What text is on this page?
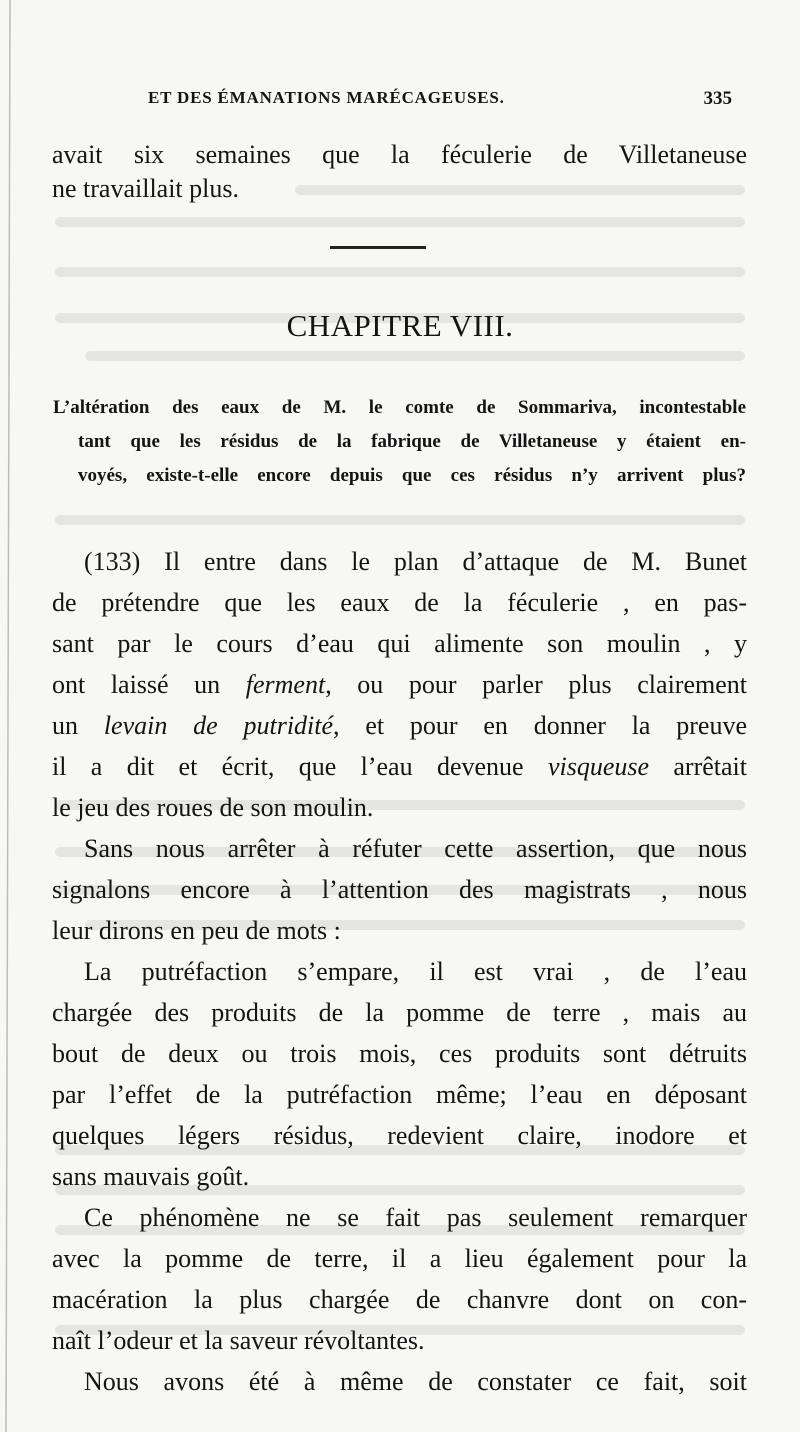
ET DES ÉMANATIONS MARÉCAGEUSES.	335
avait six semaines que la féculerie de Villetaneuse
ne travaillait plus.
CHAPITRE VIII.
L’altération des eaux de M. le comte de Sommariva, incontestable
tant que les résidus de la fabrique de Villetaneuse y étaient en-
voyés, existe-t-elle encore depuis que ces résidus n’y arrivent plus?
(133) Il entre dans le plan d’attaque de M. Bunet
de prétendre que les eaux de la féculerie , en pas-
sant par le cours d’eau qui alimente son moulin , y
ont laissé un ferment, ou pour parler plus clairement
un levain de putridité, et pour en donner la preuve
il a dit et écrit, que l’eau devenue visqueuse arrêtait
le jeu des roues de son moulin.
Sans nous arrêter à réfuter cette assertion, que nous
signalons encore à l’attention des magistrats , nous
leur dirons en peu de mots :
La putréfaction s’empare, il est vrai , de l’eau
chargée des produits de la pomme de terre , mais au
bout de deux ou trois mois, ces produits sont détruits
par l’effet de la putréfaction même; l’eau en déposant
quelques légers résidus, redevient claire, inodore et
sans mauvais goût.
Ce phénomène ne se fait pas seulement remarquer
avec la pomme de terre, il a lieu également pour la
macération la plus chargée de chanvre dont on con-
naît l’odeur et la saveur révoltantes.
Nous avons été à même de constater ce fait, soit
